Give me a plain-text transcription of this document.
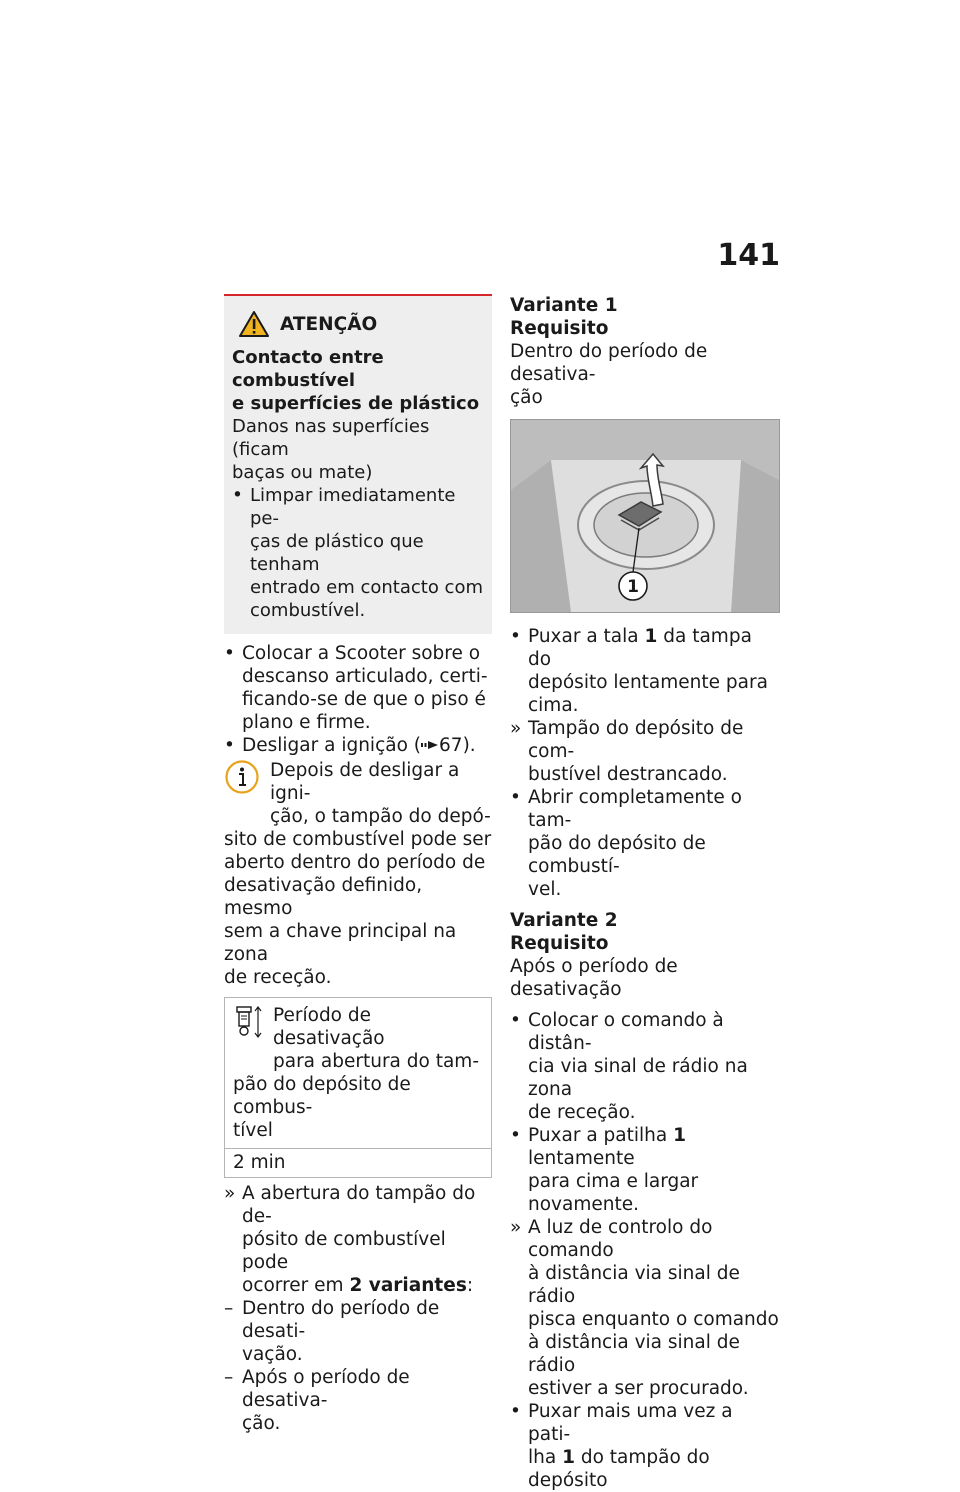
141
ATENÇÃO
Contacto entre combustível
e superfícies de plástico
Danos nas superfícies (ficam
baças ou mate)
• Limpar imediatamente pe-
ças de plástico que tenham
entrado em contacto com
combustível.
• Colocar a Scooter sobre o
descanso articulado, certi-
ficando-se de que o piso é
plano e firme.
• Desligar a ignição ( 67).
Depois de desligar a igni-
ção, o tampão do depó-
sito de combustível pode ser
aberto dentro do período de
desativação definido, mesmo
sem a chave principal na zona
de receção.
Período de desativação
para abertura do tam-
pão do depósito de combus-
tível
2 min
» A abertura do tampão do de-
pósito de combustível pode
ocorrer em 2 variantes:
– Dentro do período de desati-
vação.
– Após o período de desativa-
ção.
Variante 1
Requisito
Dentro do período de desativa-
ção
1
• Puxar a tala 1 da tampa do
depósito lentamente para
cima.
» Tampão do depósito de com-
bustível destrancado.
• Abrir completamente o tam-
pão do depósito de combustí-
vel.
Variante 2
Requisito
Após o período de desativação
• Colocar o comando à distân-
cia via sinal de rádio na zona
de receção.
• Puxar a patilha 1 lentamente
para cima e largar novamente.
» A luz de controlo do comando
à distância via sinal de rádio
pisca enquanto o comando
à distância via sinal de rádio
estiver a ser procurado.
• Puxar mais uma vez a pati-
lha 1 do tampão do depósito
